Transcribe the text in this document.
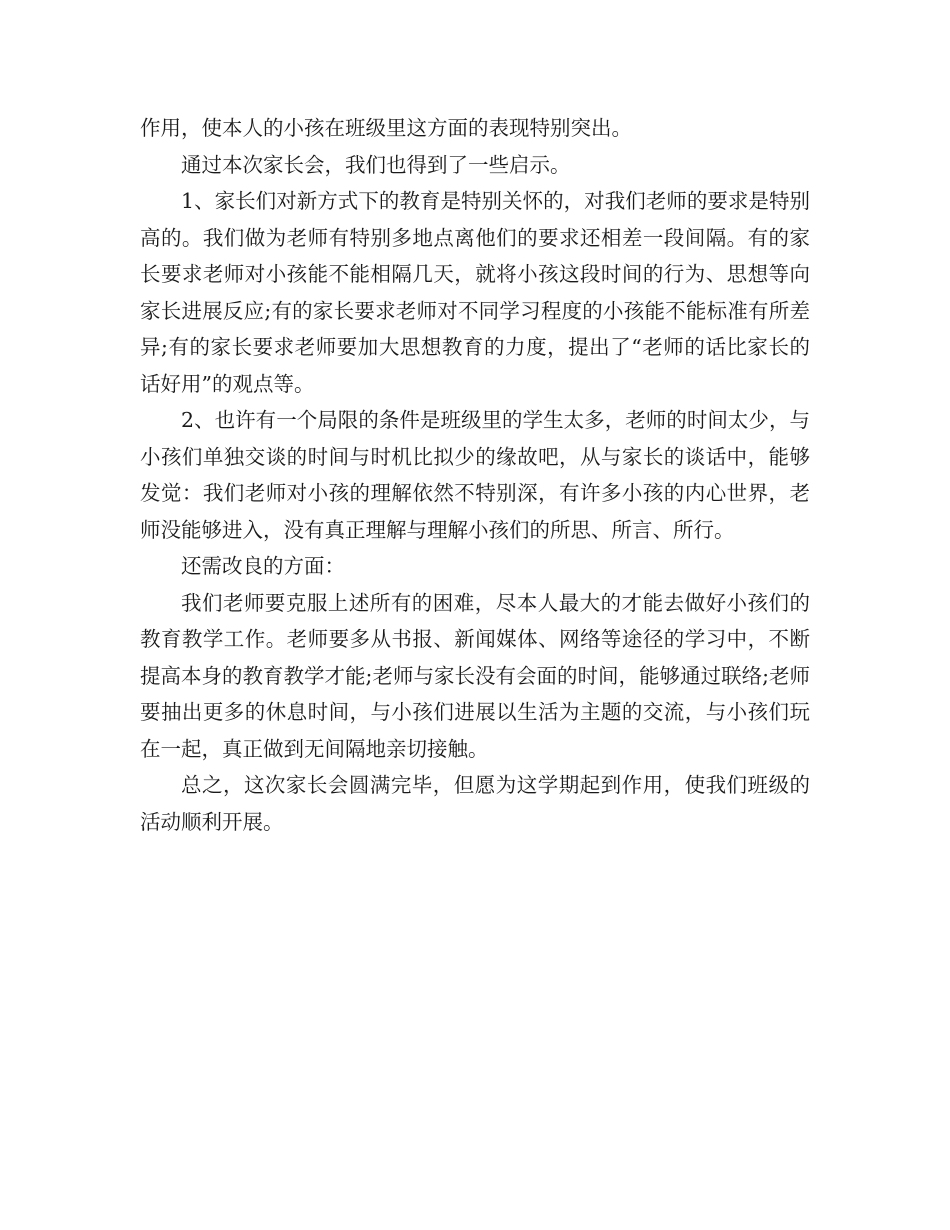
作用，使本人的小孩在班级里这方面的表现特别突出。

通过本次家长会，我们也得到了一些启示。

1、家长们对新方式下的教育是特别关怀的，对我们老师的要求是特别高的。我们做为老师有特别多地点离他们的要求还相差一段间隔。有的家长要求老师对小孩能不能相隔几天，就将小孩这段时间的行为、思想等向家长进展反应;有的家长要求老师对不同学习程度的小孩能不能标准有所差异;有的家长要求老师要加大思想教育的力度，提出了“老师的话比家长的话好用”的观点等。

2、也许有一个局限的条件是班级里的学生太多，老师的时间太少，与小孩们单独交谈的时间与时机比拟少的缘故吧，从与家长的谈话中，能够发觉：我们老师对小孩的理解依然不特别深，有许多小孩的内心世界，老师没能够进入，没有真正理解与理解小孩们的所思、所言、所行。

还需改良的方面：

我们老师要克服上述所有的困难，尽本人最大的才能去做好小孩们的教育教学工作。老师要多从书报、新闻媒体、网络等途径的学习中，不断提高本身的教育教学才能;老师与家长没有会面的时间，能够通过联络;老师要抽出更多的休息时间，与小孩们进展以生活为主题的交流，与小孩们玩在一起，真正做到无间隔地亲切接触。

总之，这次家长会圆满完毕，但愿为这学期起到作用，使我们班级的活动顺利开展。
